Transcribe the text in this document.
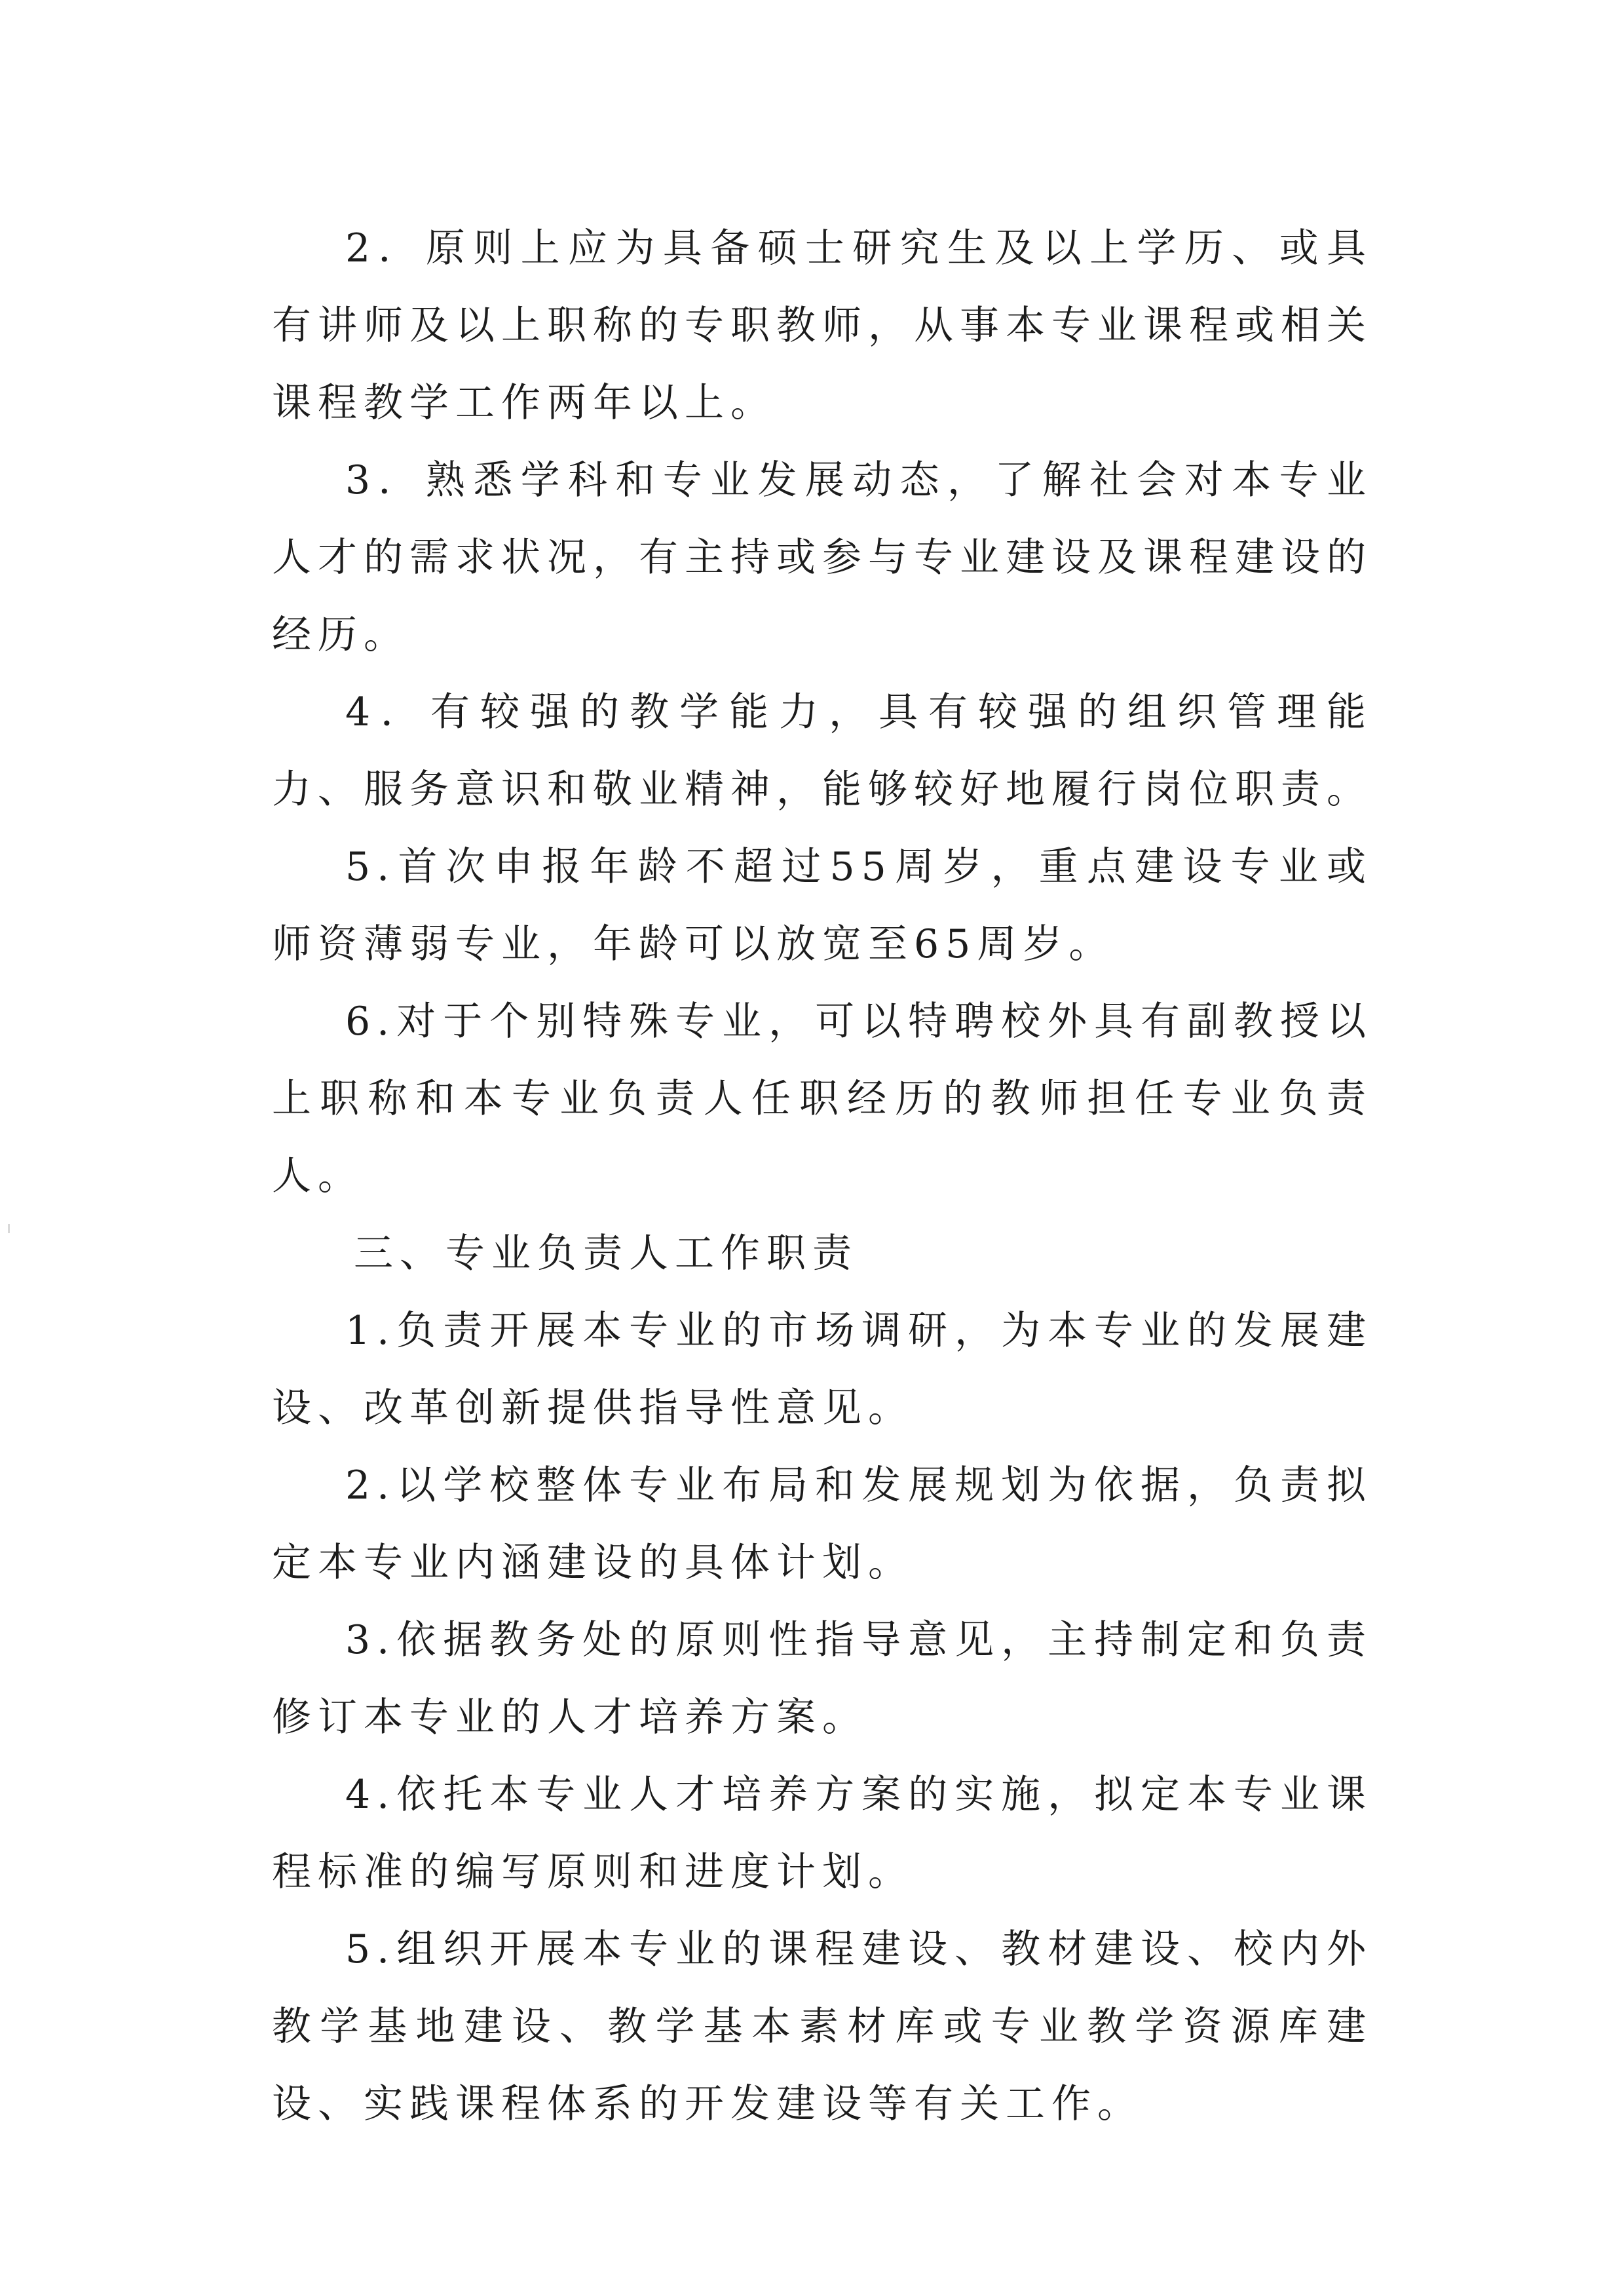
2．原则上应为具备硕士研究生及以上学历、或具有讲师及以上职称的专职教师，从事本专业课程或相关课程教学工作两年以上。

3．熟悉学科和专业发展动态，了解社会对本专业人才的需求状况，有主持或参与专业建设及课程建设的经历。

4．有较强的教学能力，具有较强的组织管理能力、服务意识和敬业精神，能够较好地履行岗位职责。

5.首次申报年龄不超过55周岁，重点建设专业或师资薄弱专业，年龄可以放宽至65周岁。

6.对于个别特殊专业，可以特聘校外具有副教授以上职称和本专业负责人任职经历的教师担任专业负责人。

三、专业负责人工作职责

1.负责开展本专业的市场调研，为本专业的发展建设、改革创新提供指导性意见。

2.以学校整体专业布局和发展规划为依据，负责拟定本专业内涵建设的具体计划。

3.依据教务处的原则性指导意见，主持制定和负责修订本专业的人才培养方案。

4.依托本专业人才培养方案的实施，拟定本专业课程标准的编写原则和进度计划。

5.组织开展本专业的课程建设、教材建设、校内外教学基地建设、教学基本素材库或专业教学资源库建设、实践课程体系的开发建设等有关工作。
